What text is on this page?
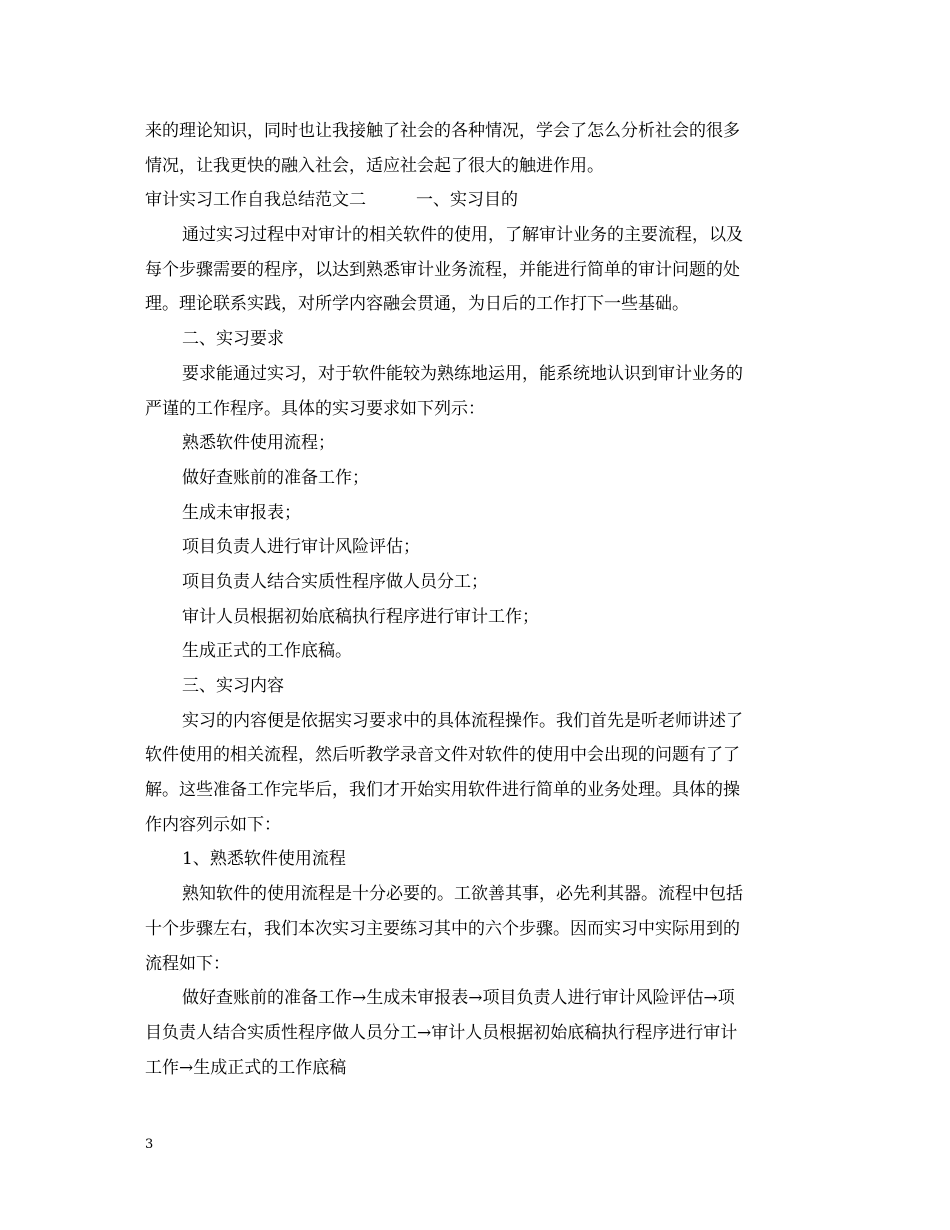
来的理论知识，同时也让我接触了社会的各种情况，学会了怎么分析社会的很多
情况，让我更快的融入社会，适应社会起了很大的触进作用。
审计实习工作自我总结范文二	一、实习目的
通过实习过程中对审计的相关软件的使用，了解审计业务的主要流程，以及
每个步骤需要的程序，以达到熟悉审计业务流程，并能进行简单的审计问题的处
理。理论联系实践，对所学内容融会贯通，为日后的工作打下一些基础。
二、实习要求
要求能通过实习，对于软件能较为熟练地运用，能系统地认识到审计业务的
严谨的工作程序。具体的实习要求如下列示：
熟悉软件使用流程；
做好查账前的准备工作；
生成未审报表；
项目负责人进行审计风险评估；
项目负责人结合实质性程序做人员分工；
审计人员根据初始底稿执行程序进行审计工作；
生成正式的工作底稿。
三、实习内容
实习的内容便是依据实习要求中的具体流程操作。我们首先是听老师讲述了
软件使用的相关流程，然后听教学录音文件对软件的使用中会出现的问题有了了
解。这些准备工作完毕后，我们才开始实用软件进行简单的业务处理。具体的操
作内容列示如下：
1、熟悉软件使用流程
熟知软件的使用流程是十分必要的。工欲善其事，必先利其器。流程中包括
十个步骤左右，我们本次实习主要练习其中的六个步骤。因而实习中实际用到的
流程如下：
做好查账前的准备工作→生成未审报表→项目负责人进行审计风险评估→项
目负责人结合实质性程序做人员分工→审计人员根据初始底稿执行程序进行审计
工作→生成正式的工作底稿
3
